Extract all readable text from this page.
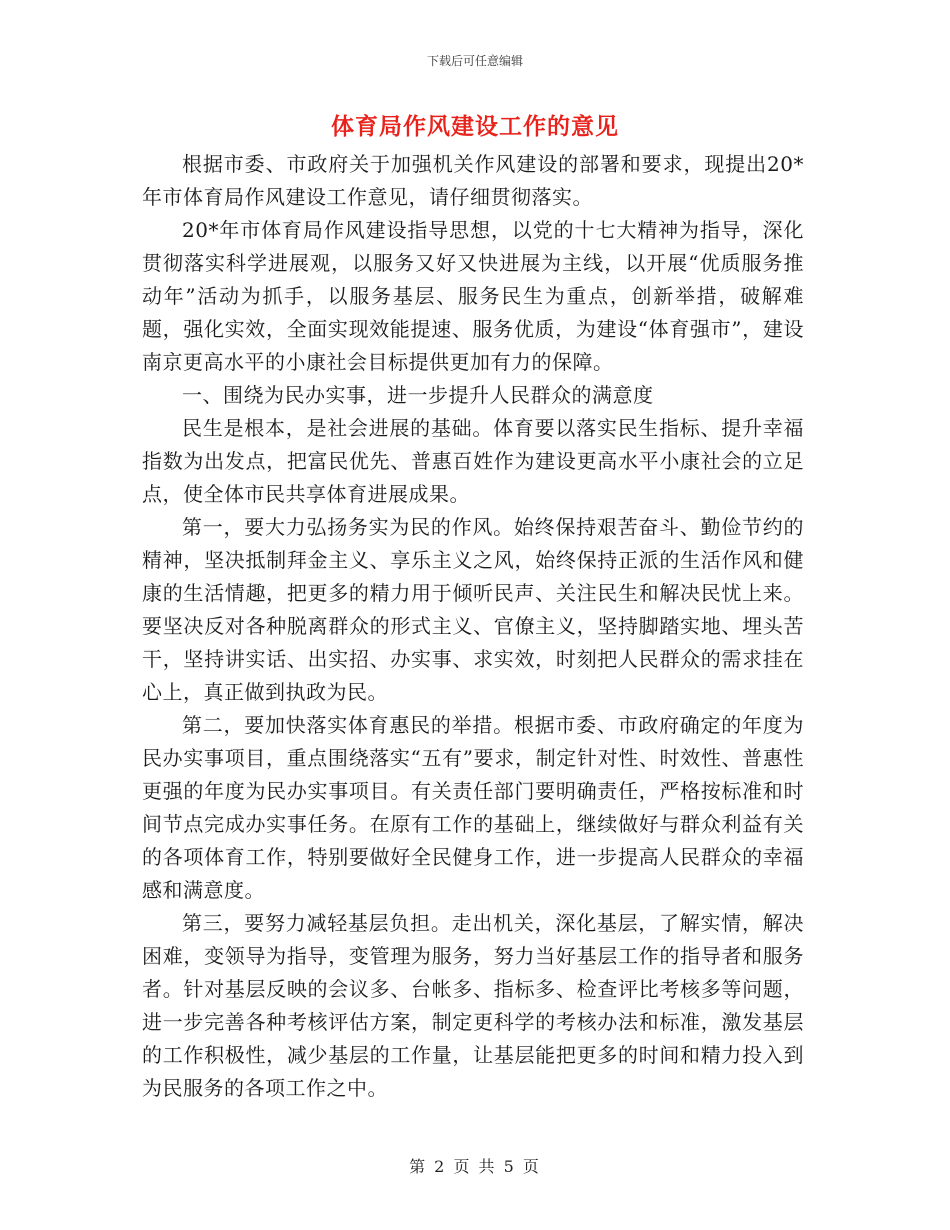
下载后可任意编辑
体育局作风建设工作的意见

根据市委、市政府关于加强机关作风建设的部署和要求，现提出20*年市体育局作风建设工作意见，请仔细贯彻落实。

20*年市体育局作风建设指导思想，以党的十七大精神为指导，深化贯彻落实科学进展观，以服务又好又快进展为主线，以开展“优质服务推动年”活动为抓手，以服务基层、服务民生为重点，创新举措，破解难题，强化实效，全面实现效能提速、服务优质，为建设“体育强市”，建设南京更高水平的小康社会目标提供更加有力的保障。

一、围绕为民办实事，进一步提升人民群众的满意度

民生是根本，是社会进展的基础。体育要以落实民生指标、提升幸福指数为出发点，把富民优先、普惠百姓作为建设更高水平小康社会的立足点，使全体市民共享体育进展成果。

第一，要大力弘扬务实为民的作风。始终保持艰苦奋斗、勤俭节约的精神，坚决抵制拜金主义、享乐主义之风，始终保持正派的生活作风和健康的生活情趣，把更多的精力用于倾听民声、关注民生和解决民忧上来。要坚决反对各种脱离群众的形式主义、官僚主义，坚持脚踏实地、埋头苦干，坚持讲实话、出实招、办实事、求实效，时刻把人民群众的需求挂在心上，真正做到执政为民。

第二，要加快落实体育惠民的举措。根据市委、市政府确定的年度为民办实事项目，重点围绕落实“五有”要求，制定针对性、时效性、普惠性更强的年度为民办实事项目。有关责任部门要明确责任，严格按标准和时间节点完成办实事任务。在原有工作的基础上，继续做好与群众利益有关的各项体育工作，特别要做好全民健身工作，进一步提高人民群众的幸福感和满意度。

第三，要努力减轻基层负担。走出机关，深化基层，了解实情，解决困难，变领导为指导，变管理为服务，努力当好基层工作的指导者和服务者。针对基层反映的会议多、台帐多、指标多、检查评比考核多等问题，进一步完善各种考核评估方案，制定更科学的考核办法和标准，激发基层的工作积极性，减少基层的工作量，让基层能把更多的时间和精力投入到为民服务的各项工作之中。

第 2 页 共 5 页
